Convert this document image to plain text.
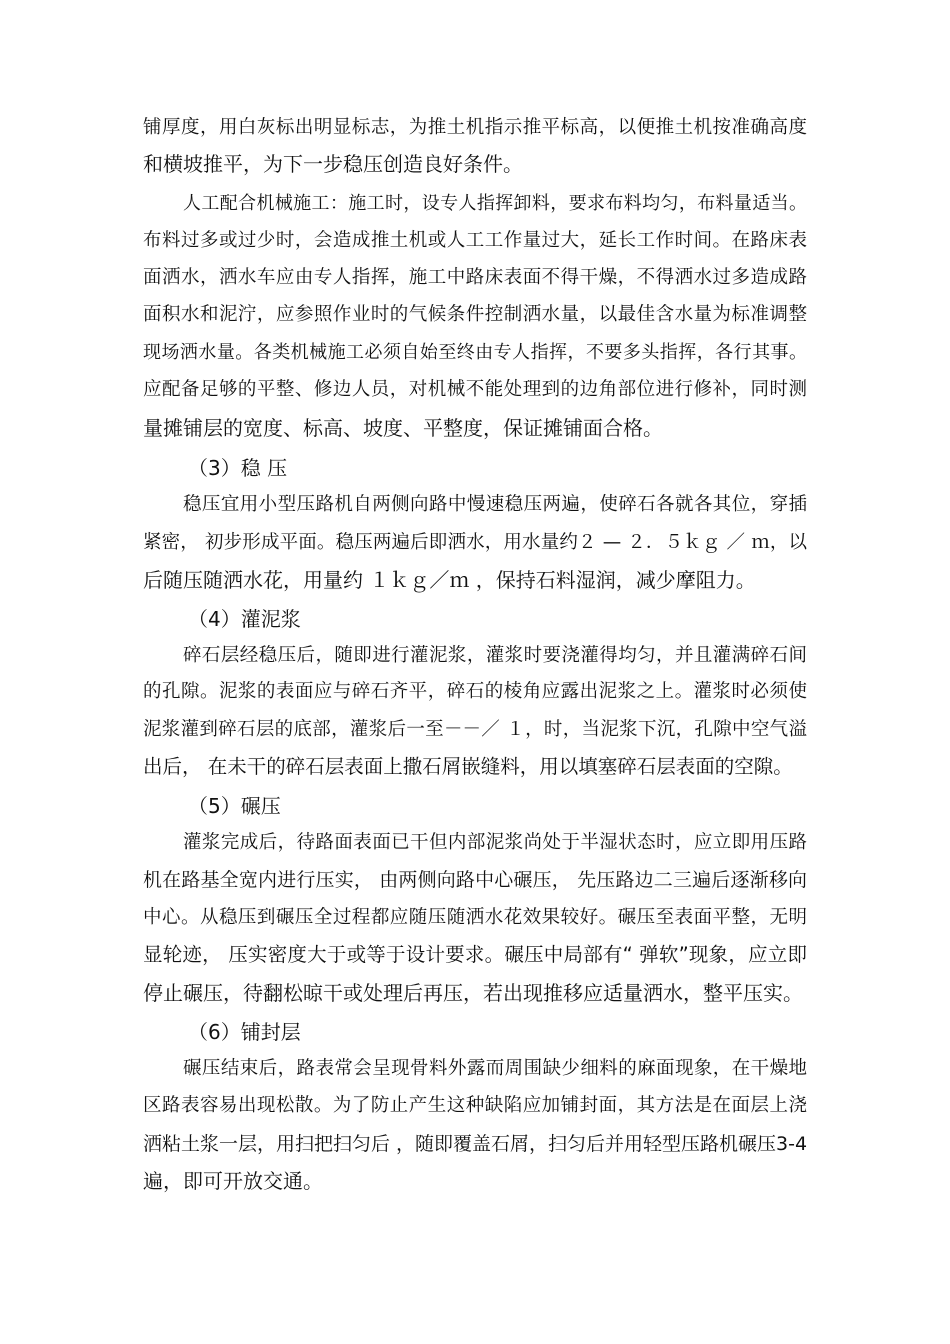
铺厚度，用白灰标出明显标志，为推土机指示推平标高，以便推土机按准确高度
和横坡推平，为下一步稳压创造良好条件。
人工配合机械施工：施工时，设专人指挥卸料，要求布料均匀，布料量适当。
布料过多或过少时，会造成推土机或人工工作量过大，延长工作时间。在路床表
面洒水，洒水车应由专人指挥，施工中路床表面不得干燥，不得洒水过多造成路
面积水和泥泞，应参照作业时的气候条件控制洒水量，以最佳含水量为标准调整
现场洒水量。各类机械施工必须自始至终由专人指挥，不要多头指挥，各行其事。
应配备足够的平整、修边人员，对机械不能处理到的边角部位进行修补，同时测
量摊铺层的宽度、标高、坡度、平整度，保证摊铺面合格。
（3）稳 压
稳压宜用小型压路机自两侧向路中慢速稳压两遍，使碎石各就各其位，穿插
紧密， 初步形成平面。稳压两遍后即洒水，用水量约２ — ２．５ｋｇ ／ ｍ，以
后随压随洒水花，用量约 １ｋｇ／ｍ ，保持石料湿润，减少摩阻力。
（4）灌泥浆
碎石层经稳压后，随即进行灌泥浆，灌浆时要浇灌得均匀，并且灌满碎石间
的孔隙。泥浆的表面应与碎石齐平，碎石的棱角应露出泥浆之上。灌浆时必须使
泥浆灌到碎石层的底部，灌浆后一至－－／ １，时，当泥浆下沉，孔隙中空气溢
出后， 在未干的碎石层表面上撒石屑嵌缝料，用以填塞碎石层表面的空隙。
（5）碾压
灌浆完成后，待路面表面已干但内部泥浆尚处于半湿状态时，应立即用压路
机在路基全宽内进行压实， 由两侧向路中心碾压， 先压路边二三遍后逐渐移向
中心。从稳压到碾压全过程都应随压随洒水花效果较好。碾压至表面平整，无明
显轮迹， 压实密度大于或等于设计要求。碾压中局部有“ 弹软”现象，应立即
停止碾压，待翻松晾干或处理后再压，若出现推移应适量洒水，整平压实。
（6）铺封层
碾压结束后，路表常会呈现骨料外露而周围缺少细料的麻面现象，在干燥地
区路表容易出现松散。为了防止产生这种缺陷应加铺封面，其方法是在面层上浇
洒粘土浆一层，用扫把扫匀后 ，随即覆盖石屑，扫匀后并用轻型压路机碾压3-4
遍，即可开放交通。
